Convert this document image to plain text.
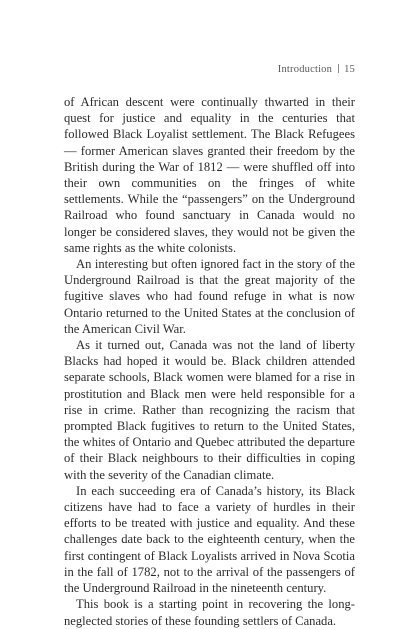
Introduction 15

of African descent were continually thwarted in their quest for justice and equality in the centuries that followed Black Loyalist settlement. The Black Refugees — former American slaves granted their freedom by the British during the War of 1812 — were shuffled off into their own communities on the fringes of white settlements. While the “passengers” on the Underground Railroad who found sanctuary in Canada would no longer be considered slaves, they would not be given the same rights as the white colonists.

An interesting but often ignored fact in the story of the Underground Railroad is that the great majority of the fugitive slaves who had found refuge in what is now Ontario returned to the United States at the conclusion of the American Civil War.

As it turned out, Canada was not the land of liberty Blacks had hoped it would be. Black children attended separate schools, Black women were blamed for a rise in prostitution and Black men were held responsible for a rise in crime. Rather than recognizing the racism that prompted Black fugitives to return to the United States, the whites of Ontario and Quebec attributed the departure of their Black neighbours to their difficulties in coping with the severity of the Canadian climate.

In each succeeding era of Canada’s history, its Black citizens have had to face a variety of hurdles in their efforts to be treated with justice and equality. And these challenges date back to the eighteenth century, when the first contingent of Black Loyalists arrived in Nova Scotia in the fall of 1782, not to the arrival of the passengers of the Underground Railroad in the nineteenth century.

This book is a starting point in recovering the long-neglected stories of these founding settlers of Canada.
